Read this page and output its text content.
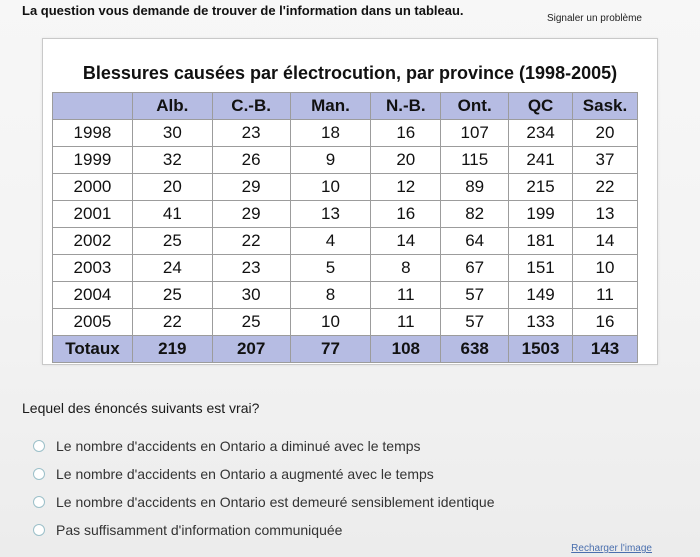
La question vous demande de trouver de l'information dans un tableau.
Signaler un problème
Blessures causées par électrocution, par province (1998-2005)
	Alb.	C.-B.	Man.	N.-B.	Ont.	QC	Sask.
1998	30	23	18	16	107	234	20
1999	32	26	9	20	115	241	37
2000	20	29	10	12	89	215	22
2001	41	29	13	16	82	199	13
2002	25	22	4	14	64	181	14
2003	24	23	5	8	67	151	10
2004	25	30	8	11	57	149	11
2005	22	25	10	11	57	133	16
Totaux	219	207	77	108	638	1503	143
Lequel des énoncés suivants est vrai?
Le nombre d'accidents en Ontario a diminué avec le temps
Le nombre d'accidents en Ontario a augmenté avec le temps
Le nombre d'accidents en Ontario est demeuré sensiblement identique
Pas suffisamment d'information communiquée
Recharger l'image
